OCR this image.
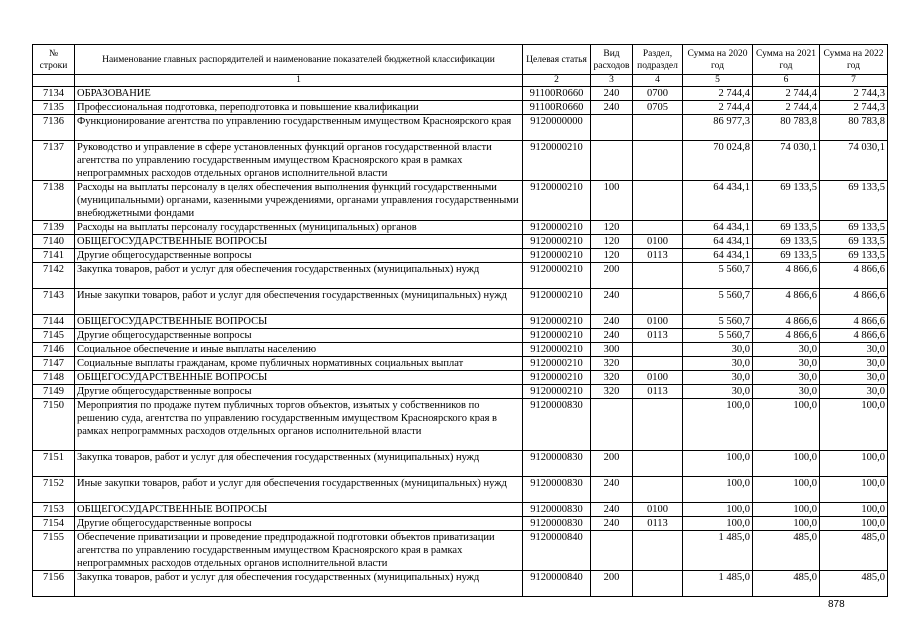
№ строки	Наименование главных распорядителей и наименование показателей бюджетной классификации	Целевая статья	Вид расходов	Раздел, подраздел	Сумма на 2020 год	Сумма на 2021 год	Сумма на 2022 год
	1	2	3	4	5	6	7
7134	ОБРАЗОВАНИЕ	91100R0660	240	0700	2 744,4	2 744,4	2 744,3
7135	Профессиональная подготовка, переподготовка и повышение квалификации	91100R0660	240	0705	2 744,4	2 744,4	2 744,3
7136	Функционирование агентства по управлению государственным имуществом Красноярского края	9120000000			86 977,3	80 783,8	80 783,8
7137	Руководство и управление в сфере установленных функций органов государственной власти агентства по управлению государственным имуществом Красноярского края в рамках непрограммных расходов отдельных органов исполнительной власти	9120000210			70 024,8	74 030,1	74 030,1
7138	Расходы на выплаты персоналу в целях обеспечения выполнения функций государственными (муниципальными) органами, казенными учреждениями, органами управления государственными внебюджетными фондами	9120000210	100		64 434,1	69 133,5	69 133,5
7139	Расходы на выплаты персоналу государственных (муниципальных) органов	9120000210	120		64 434,1	69 133,5	69 133,5
7140	ОБЩЕГОСУДАРСТВЕННЫЕ ВОПРОСЫ	9120000210	120	0100	64 434,1	69 133,5	69 133,5
7141	Другие общегосударственные вопросы	9120000210	120	0113	64 434,1	69 133,5	69 133,5
7142	Закупка товаров, работ и услуг для обеспечения государственных (муниципальных) нужд	9120000210	200		5 560,7	4 866,6	4 866,6
7143	Иные закупки товаров, работ и услуг для обеспечения государственных (муниципальных) нужд	9120000210	240		5 560,7	4 866,6	4 866,6
7144	ОБЩЕГОСУДАРСТВЕННЫЕ ВОПРОСЫ	9120000210	240	0100	5 560,7	4 866,6	4 866,6
7145	Другие общегосударственные вопросы	9120000210	240	0113	5 560,7	4 866,6	4 866,6
7146	Социальное обеспечение и иные выплаты населению	9120000210	300		30,0	30,0	30,0
7147	Социальные выплаты гражданам, кроме публичных нормативных социальных выплат	9120000210	320		30,0	30,0	30,0
7148	ОБЩЕГОСУДАРСТВЕННЫЕ ВОПРОСЫ	9120000210	320	0100	30,0	30,0	30,0
7149	Другие общегосударственные вопросы	9120000210	320	0113	30,0	30,0	30,0
7150	Мероприятия по продаже путем публичных торгов объектов, изъятых у собственников по решению суда, агентства по управлению государственным имуществом Красноярского края в рамках непрограммных расходов отдельных органов исполнительной власти	9120000830			100,0	100,0	100,0
7151	Закупка товаров, работ и услуг для обеспечения государственных (муниципальных) нужд	9120000830	200		100,0	100,0	100,0
7152	Иные закупки товаров, работ и услуг для обеспечения государственных (муниципальных) нужд	9120000830	240		100,0	100,0	100,0
7153	ОБЩЕГОСУДАРСТВЕННЫЕ ВОПРОСЫ	9120000830	240	0100	100,0	100,0	100,0
7154	Другие общегосударственные вопросы	9120000830	240	0113	100,0	100,0	100,0
7155	Обеспечение приватизации и проведение предпродажной подготовки объектов приватизации агентства по управлению государственным имуществом Красноярского края в рамках непрограммных расходов отдельных органов исполнительной власти	9120000840			1 485,0	485,0	485,0
7156	Закупка товаров, работ и услуг для обеспечения государственных (муниципальных) нужд	9120000840	200		1 485,0	485,0	485,0
878
